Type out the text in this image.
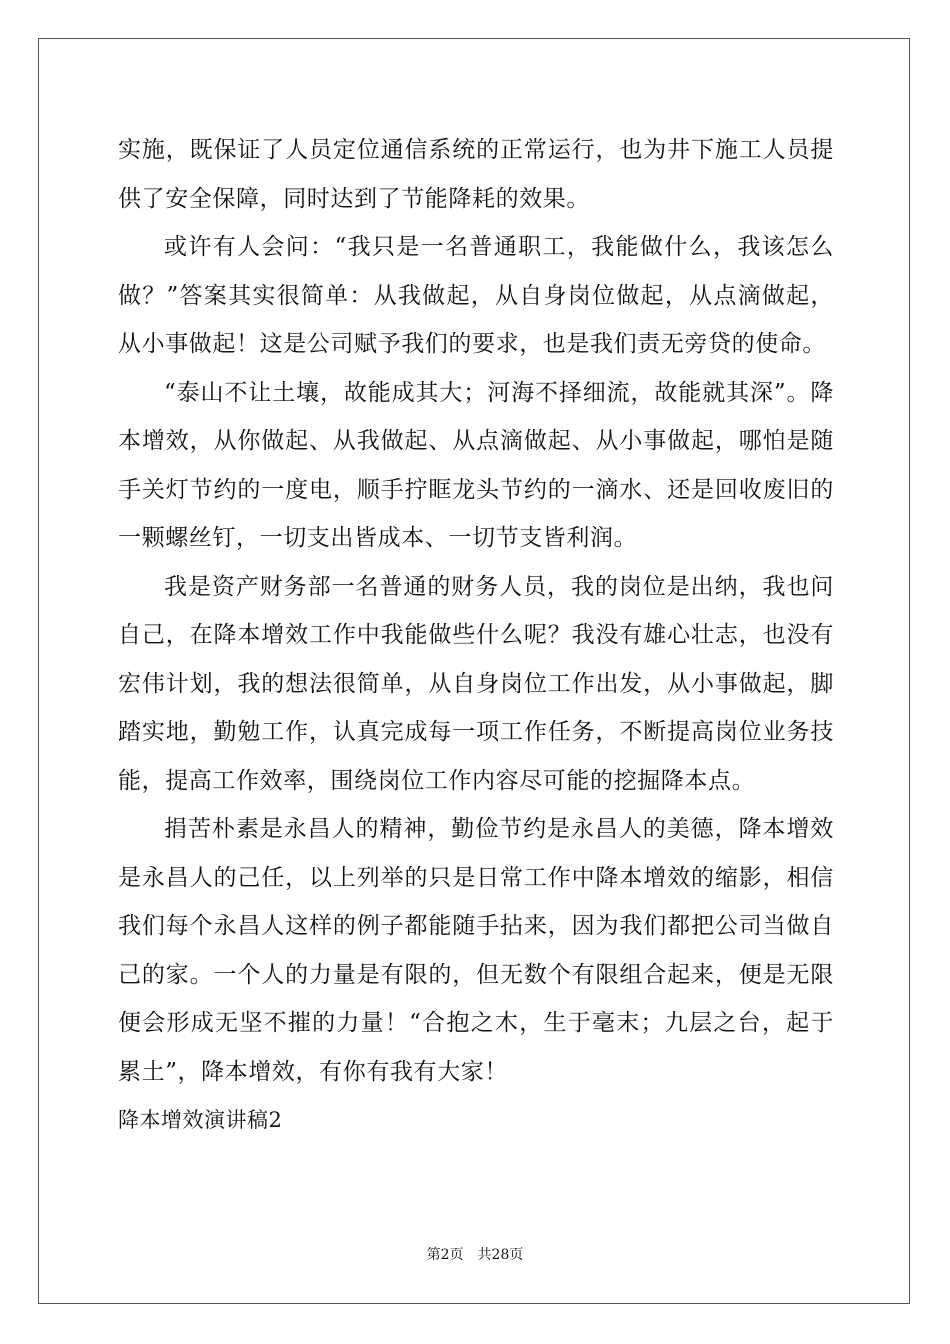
实施，既保证了人员定位通信系统的正常运行，也为井下施工人员提供了安全保障，同时达到了节能降耗的效果。

或许有人会问：“我只是一名普通职工，我能做什么，我该怎么做？”答案其实很简单：从我做起，从自身岗位做起，从点滴做起，从小事做起！这是公司赋予我们的要求，也是我们责无旁贷的使命。

“泰山不让土壤，故能成其大；河海不择细流，故能就其深”。降本增效，从你做起、从我做起、从点滴做起、从小事做起，哪怕是随手关灯节约的一度电，顺手拧眶龙头节约的一滴水、还是回收废旧的一颗螺丝钉，一切支出皆成本、一切节支皆利润。

我是资产财务部一名普通的财务人员，我的岗位是出纳，我也问自己，在降本增效工作中我能做些什么呢？我没有雄心壮志，也没有宏伟计划，我的想法很简单，从自身岗位工作出发，从小事做起，脚踏实地，勤勉工作，认真完成每一项工作任务，不断提高岗位业务技能，提高工作效率，围绕岗位工作内容尽可能的挖掘降本点。

捐苦朴素是永昌人的精神，勤俭节约是永昌人的美德，降本增效是永昌人的己任，以上列举的只是日常工作中降本增效的缩影，相信我们每个永昌人这样的例子都能随手拈来，因为我们都把公司当做自己的家。一个人的力量是有限的，但无数个有限组合起来，便是无限便会形成无坚不摧的力量！“合抱之木，生于毫末；九层之台，起于累土”，降本增效，有你有我有大家！

降本增效演讲稿2

第2页 共28页
